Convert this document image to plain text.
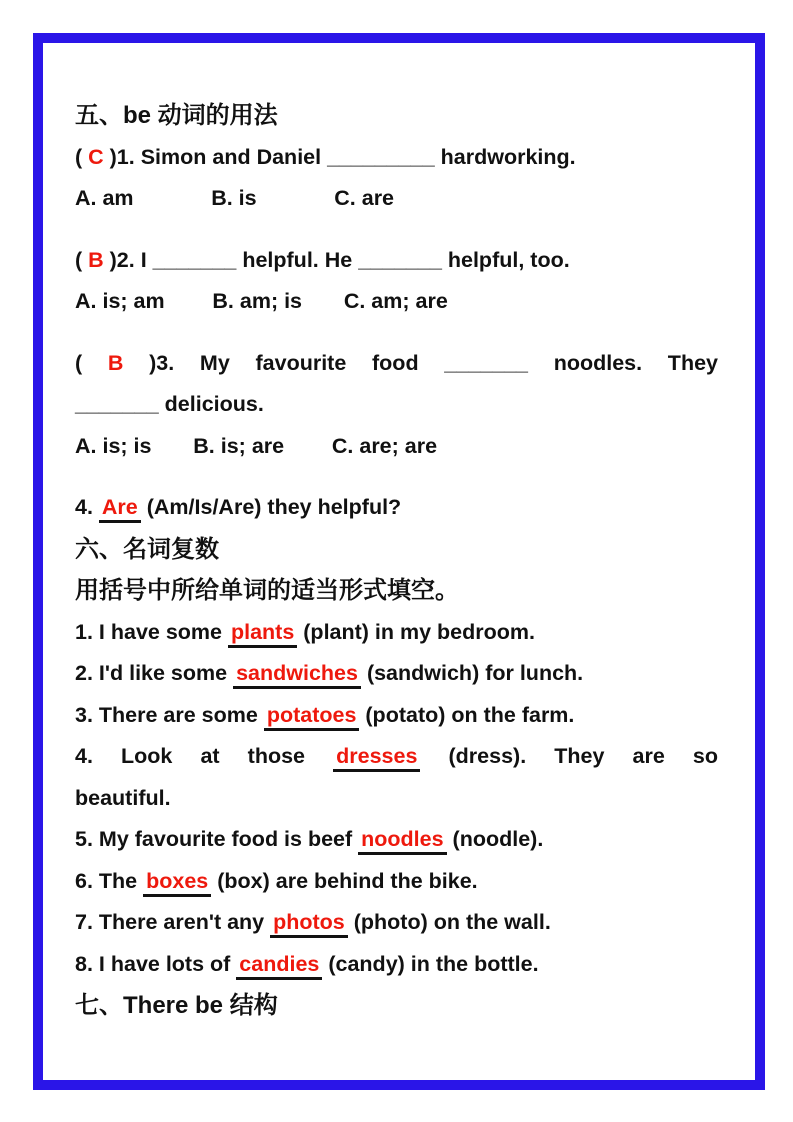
五、be 动词的用法
( C )1. Simon and Daniel _________ hardworking.
A. am             B. is             C. are
( B )2. I _______ helpful. He _______ helpful, too.
A. is; am        B. am; is       C. am; are
( B )3. My favourite food _______ noodles. They
_______ delicious.
A. is; is       B. is; are        C. are; are
4. Are (Am/Is/Are) they helpful?
六、名词复数
用括号中所给单词的适当形式填空。
1. I have some plants (plant) in my bedroom.
2. I'd like some sandwiches (sandwich) for lunch.
3. There are some potatoes (potato) on the farm.
4. Look at those dresses (dress). They are so
beautiful.
5. My favourite food is beef noodles (noodle).
6. The boxes (box) are behind the bike.
7. There aren't any photos (photo) on the wall.
8. I have lots of candies (candy) in the bottle.
七、There be 结构
